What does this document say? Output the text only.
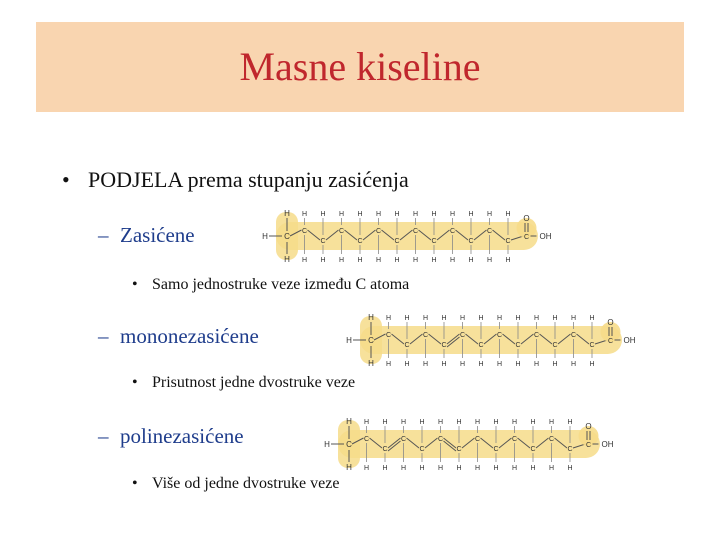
Masne kiseline
• PODJELA prema stupanju zasićenja
– Zasićene
• Samo jednostruke veze između C atoma
– mononezasićene
• Prisutnost jedne dvostruke veze
– polinezasićene
• Više od jedne dvostruke veze
H C
H
H
C
H
H
C
H
H
C
H
H
C
H
H
C
H
H
C
H
H
C
H
H
C
H
H
C
H
H
C
H
H
C
H
H
C
H
H
C
O
OH
H C
H
H
C
H
H
C
H
H
C
H
H
C
H
H
C
H
H
C
H
H
C
H
H
C
H
H
C
H
H
C
H
H
C
H
H
C
H
H
C
O
OH
H C
H
H
C
H
H
C
H
H
C
H
H
C
H
H
C
H
H
C
H
H
C
H
H
C
H
H
C
H
H
C
H
H
C
H
H
C
H
H
C
O
OH
